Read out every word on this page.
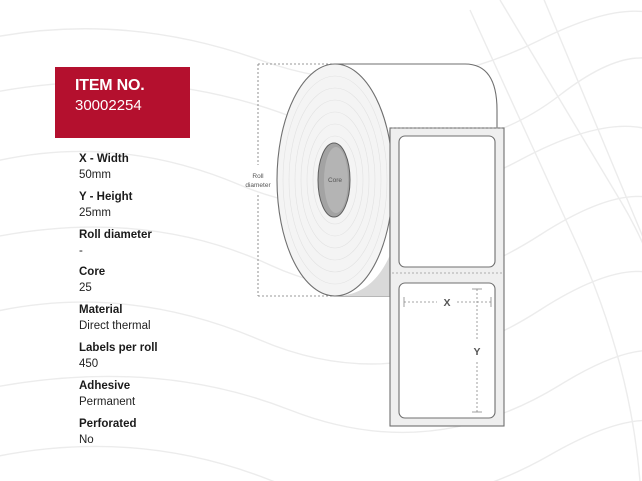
ITEM NO.
30002254
X - Width
50mm
Y - Height
25mm
Roll diameter
-
Core
25
Material
Direct thermal
Labels per roll
450
Adhesive
Permanent
Perforated
No
Roll
diameter
Core
X
Y
